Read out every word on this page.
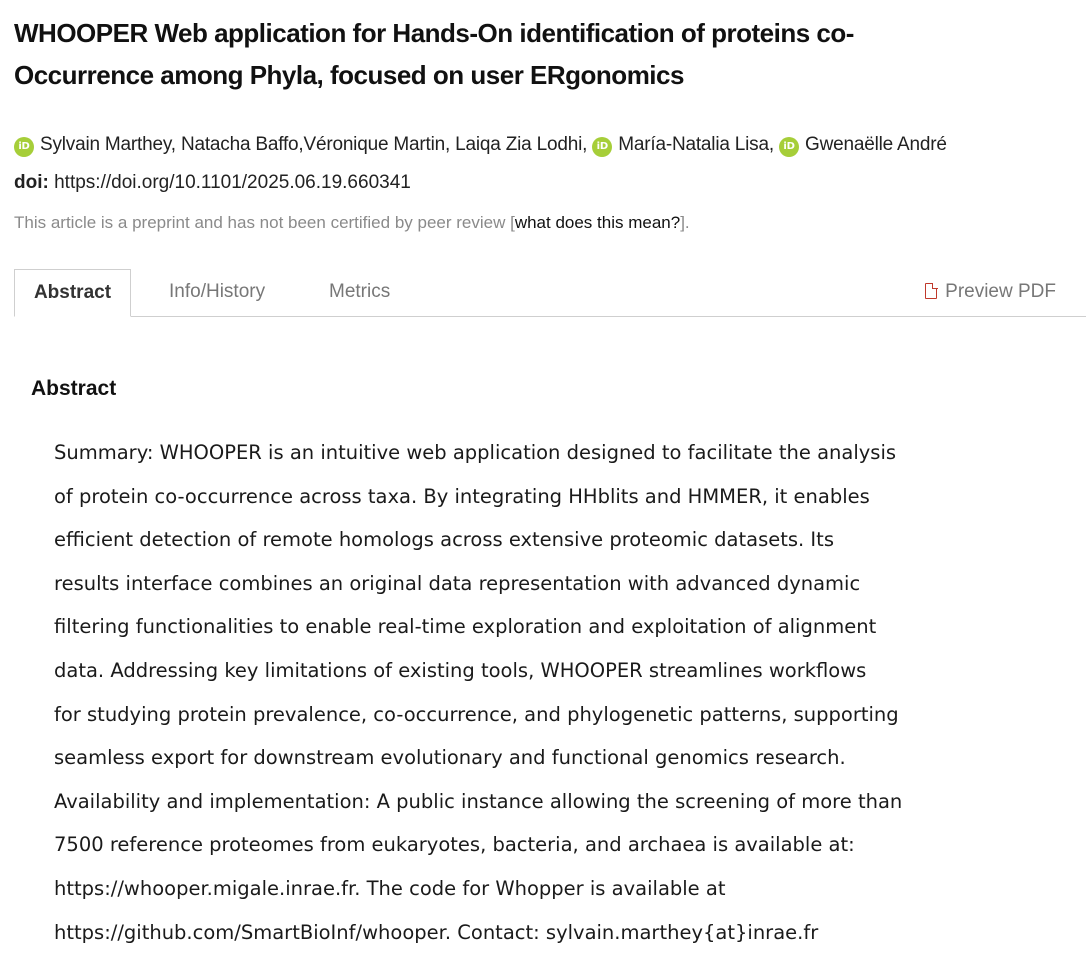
WHOOPER Web application for Hands-On identification of proteins co-
Occurrence among Phyla, focused on user ERgonomics
iD Sylvain Marthey, Natacha Baffo,Véronique Martin, Laiqa Zia Lodhi, iD María-Natalia Lisa, iD Gwenaëlle André
doi: https://doi.org/10.1101/2025.06.19.660341
This article is a preprint and has not been certified by peer review [what does this mean?].
Abstract	Info/History	Metrics	Preview PDF
Abstract
Summary: WHOOPER is an intuitive web application designed to facilitate the analysis
of protein co-occurrence across taxa. By integrating HHblits and HMMER, it enables
efficient detection of remote homologs across extensive proteomic datasets. Its
results interface combines an original data representation with advanced dynamic
filtering functionalities to enable real-time exploration and exploitation of alignment
data. Addressing key limitations of existing tools, WHOOPER streamlines workflows
for studying protein prevalence, co-occurrence, and phylogenetic patterns, supporting
seamless export for downstream evolutionary and functional genomics research.
Availability and implementation: A public instance allowing the screening of more than
7500 reference proteomes from eukaryotes, bacteria, and archaea is available at:
https://whooper.migale.inrae.fr. The code for Whopper is available at
https://github.com/SmartBioInf/whooper. Contact: sylvain.marthey{at}inrae.fr
